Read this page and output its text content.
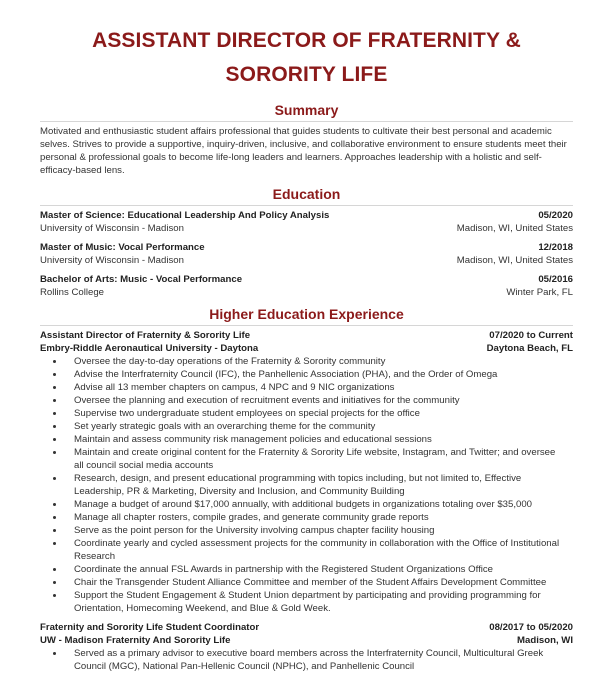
ASSISTANT DIRECTOR OF FRATERNITY &
SORORITY LIFE
Summary

Motivated and enthusiastic student affairs professional that guides students to cultivate their best personal and academic selves. Strives to provide a supportive, inquiry-driven, inclusive, and collaborative environment to ensure students meet their personal & professional goals to become life-long leaders and learners. Approaches leadership with a holistic and self-efficacy-based lens.

Education
Master of Science: Educational Leadership And Policy Analysis	05/2020
University of Wisconsin - Madison	Madison, WI, United States
Master of Music: Vocal Performance	12/2018
University of Wisconsin - Madison	Madison, WI, United States
Bachelor of Arts: Music - Vocal Performance	05/2016
Rollins College	Winter Park, FL
Higher Education Experience
Assistant Director of Fraternity & Sorority Life	07/2020 to Current
Embry-Riddle Aeronautical University - Daytona	Daytona Beach, FL
Oversee the day-to-day operations of the Fraternity & Sorority community
Advise the Interfraternity Council (IFC), the Panhellenic Association (PHA), and the Order of Omega
Advise all 13 member chapters on campus, 4 NPC and 9 NIC organizations
Oversee the planning and execution of recruitment events and initiatives for the community
Supervise two undergraduate student employees on special projects for the office
Set yearly strategic goals with an overarching theme for the community
Maintain and assess community risk management policies and educational sessions
Maintain and create original content for the Fraternity & Sorority Life website, Instagram, and Twitter; and oversee all council social media accounts
Research, design, and present educational programming with topics including, but not limited to, Effective Leadership, PR & Marketing, Diversity and Inclusion, and Community Building
Manage a budget of around $17,000 annually, with additional budgets in organizations totaling over $35,000
Manage all chapter rosters, compile grades, and generate community grade reports
Serve as the point person for the University involving campus chapter facility housing
Coordinate yearly and cycled assessment projects for the community in collaboration with the Office of Institutional Research
Coordinate the annual FSL Awards in partnership with the Registered Student Organizations Office
Chair the Transgender Student Alliance Committee and member of the Student Affairs Development Committee
Support the Student Engagement & Student Union department by participating and providing programming for Orientation, Homecoming Weekend, and Blue & Gold Week.
Fraternity and Sorority Life Student Coordinator	08/2017 to 05/2020
UW - Madison Fraternity And Sorority Life	Madison, WI
Served as a primary advisor to executive board members across the Interfraternity Council, Multicultural Greek Council (MGC), National Pan-Hellenic Council (NPHC), and Panhellenic Council
